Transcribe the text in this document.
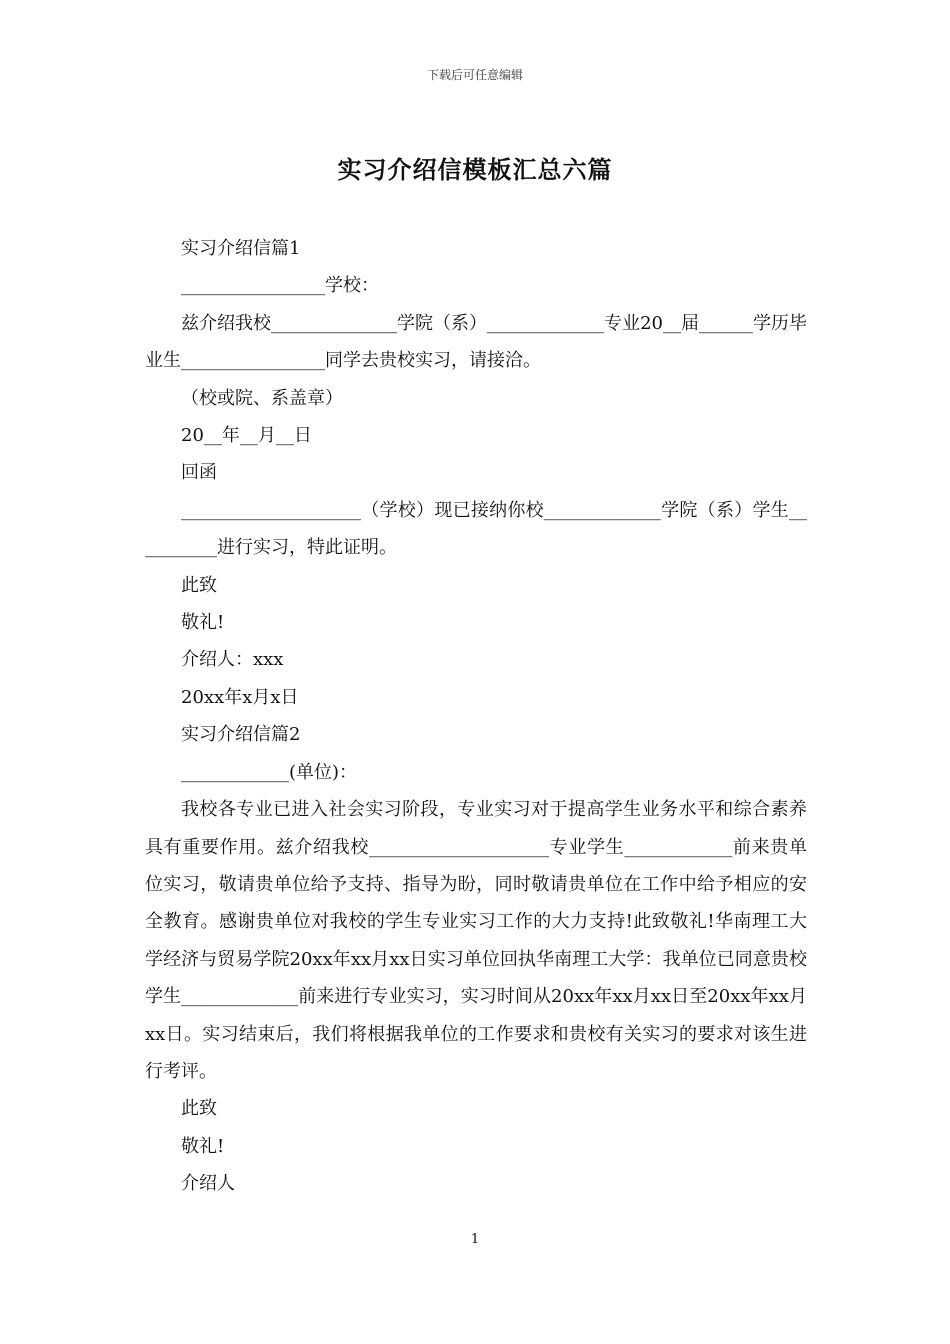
下载后可任意编辑
实习介绍信模板汇总六篇

实习介绍信篇1

________________学校：

兹介绍我校______________学院（系）_____________专业20__届______学历毕业生________________同学去贵校实习，请接洽。

（校或院、系盖章）

20__年__月__日

回函

____________________（学校）现已接纳你校_____________学院（系）学生__________进行实习，特此证明。

此致

敬礼!

介绍人：xxx

20xx年x月x日

实习介绍信篇2

____________(单位)：

我校各专业已进入社会实习阶段，专业实习对于提高学生业务水平和综合素养具有重要作用。兹介绍我校____________________专业学生____________前来贵单位实习，敬请贵单位给予支持、指导为盼，同时敬请贵单位在工作中给予相应的安全教育。感谢贵单位对我校的学生专业实习工作的大力支持!此致敬礼!华南理工大学经济与贸易学院20xx年xx月xx日实习单位回执华南理工大学：我单位已同意贵校学生_____________前来进行专业实习，实习时间从20xx年xx月xx日至20xx年xx月xx日。实习结束后，我们将根据我单位的工作要求和贵校有关实习的要求对该生进行考评。

此致

敬礼!

介绍人

1
